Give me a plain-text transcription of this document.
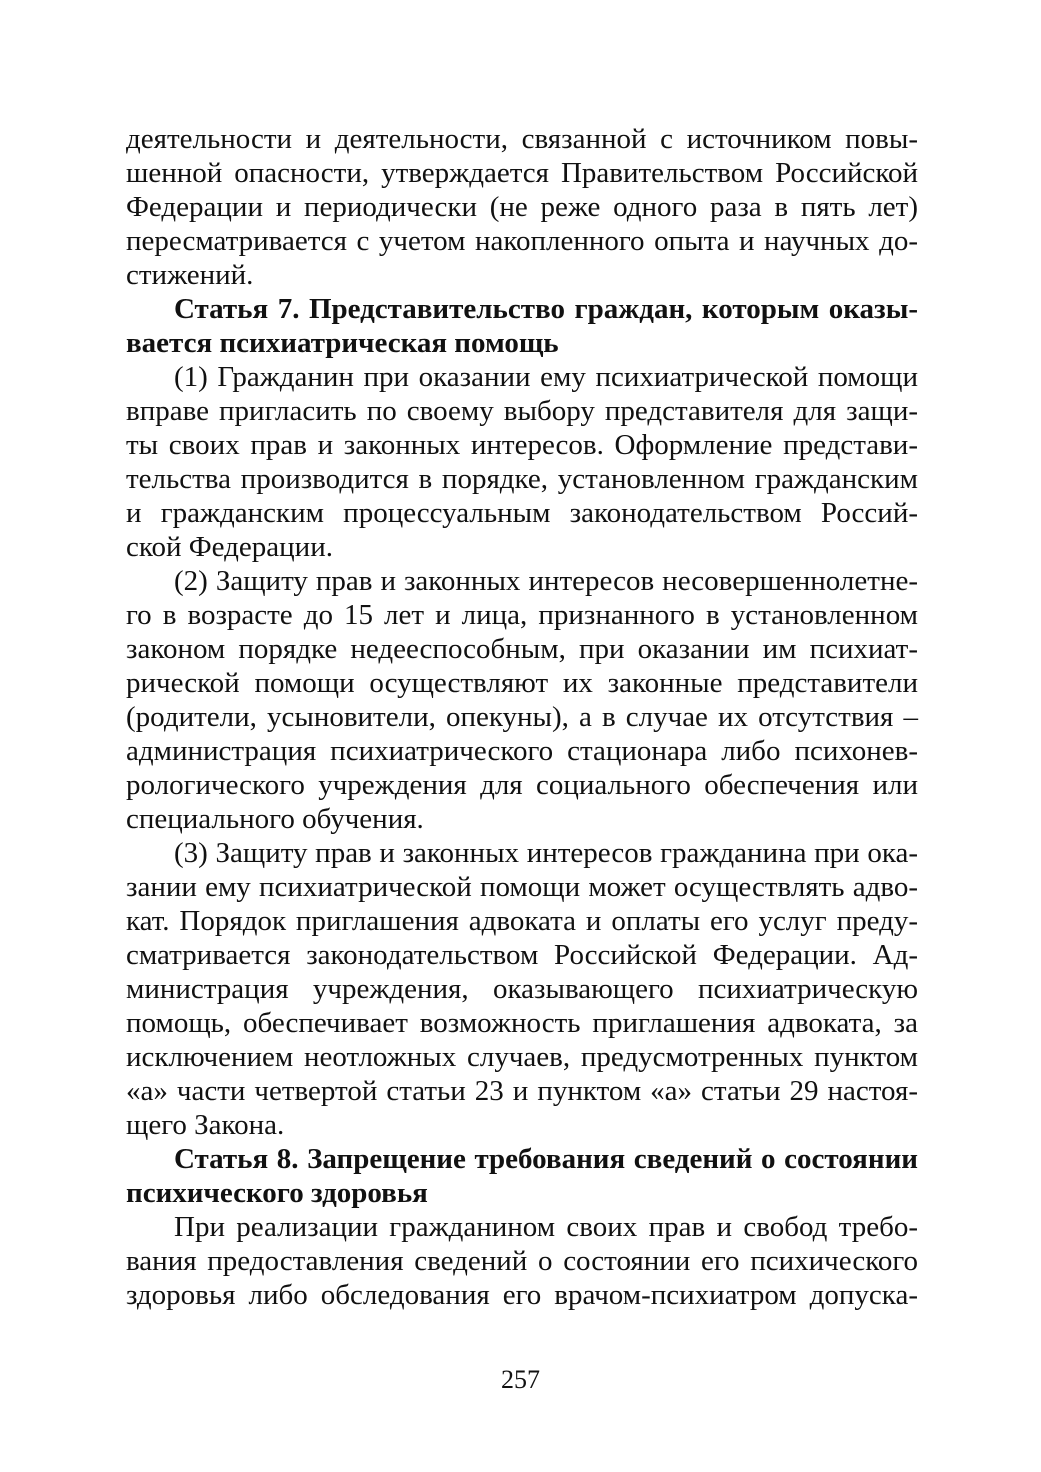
деятельности и деятельности, связанной с источником повы-
шенной опасности, утверждается Правительством Российской
Федерации и периодически (не реже одного раза в пять лет)
пересматривается с учетом накопленного опыта и научных до-
стижений.
Статья 7. Представительство граждан, которым оказы-
вается психиатрическая помощь
(1) Гражданин при оказании ему психиатрической помощи
вправе пригласить по своему выбору представителя для защи-
ты своих прав и законных интересов. Оформление представи-
тельства производится в порядке, установленном гражданским
и гражданским процессуальным законодательством Россий-
ской Федерации.
(2) Защиту прав и законных интересов несовершеннолетне-
го в возрасте до 15 лет и лица, признанного в установленном
законом порядке недееспособным, при оказании им психиат-
рической помощи осуществляют их законные представители
(родители, усыновители, опекуны), а в случае их отсутствия –
администрация психиатрического стационара либо психонев-
рологического учреждения для социального обеспечения или
специального обучения.
(3) Защиту прав и законных интересов гражданина при ока-
зании ему психиатрической помощи может осуществлять адво-
кат. Порядок приглашения адвоката и оплаты его услуг преду-
сматривается законодательством Российской Федерации. Ад-
министрация учреждения, оказывающего психиатрическую
помощь, обеспечивает возможность приглашения адвоката, за
исключением неотложных случаев, предусмотренных пунктом
«а» части четвертой статьи 23 и пунктом «а» статьи 29 настоя-
щего Закона.
Статья 8. Запрещение требования сведений о состоянии
психического здоровья
При реализации гражданином своих прав и свобод требо-
вания предоставления сведений о состоянии его психического
здоровья либо обследования его врачом-психиатром допуска-
257
